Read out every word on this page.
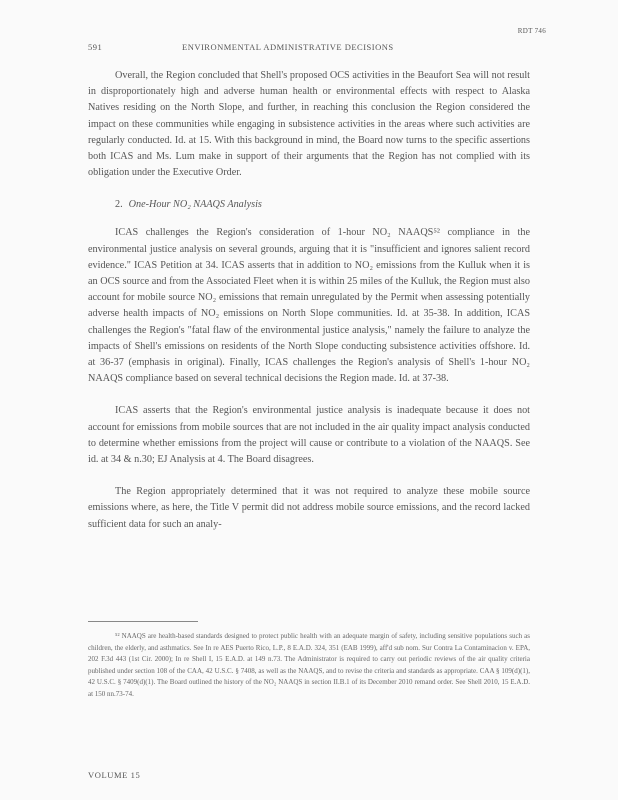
RDT 746
591	ENVIRONMENTAL ADMINISTRATIVE DECISIONS

Overall, the Region concluded that Shell's proposed OCS activities in the Beaufort Sea will not result in disproportionately high and adverse human health or environmental effects with respect to Alaska Natives residing on the North Slope, and further, in reaching this conclusion the Region considered the impact on these communities while engaging in subsistence activities in the areas where such activities are regularly conducted. Id. at 15. With this background in mind, the Board now turns to the specific assertions both ICAS and Ms. Lum make in support of their arguments that the Region has not complied with its obligation under the Executive Order.

2. One-Hour NO₂ NAAQS Analysis

ICAS challenges the Region's consideration of 1-hour NO₂ NAAQS⁵² compliance in the environmental justice analysis on several grounds, arguing that it is "insufficient and ignores salient record evidence." ICAS Petition at 34. ICAS asserts that in addition to NO₂ emissions from the Kulluk when it is an OCS source and from the Associated Fleet when it is within 25 miles of the Kulluk, the Region must also account for mobile source NO₂ emissions that remain unregulated by the Permit when assessing potentially adverse health impacts of NO₂ emissions on North Slope communities. Id. at 35-38. In addition, ICAS challenges the Region's "fatal flaw of the environmental justice analysis," namely the failure to analyze the impacts of Shell's emissions on residents of the North Slope conducting subsistence activities offshore. Id. at 36-37 (emphasis in original). Finally, ICAS challenges the Region's analysis of Shell's 1-hour NO₂ NAAQS compliance based on several technical decisions the Region made. Id. at 37-38.

ICAS asserts that the Region's environmental justice analysis is inadequate because it does not account for emissions from mobile sources that are not included in the air quality impact analysis conducted to determine whether emissions from the project will cause or contribute to a violation of the NAAQS. See id. at 34 & n.30; EJ Analysis at 4. The Board disagrees.

The Region appropriately determined that it was not required to analyze these mobile source emissions where, as here, the Title V permit did not address mobile source emissions, and the record lacked sufficient data for such an analy-

⁵² NAAQS are health-based standards designed to protect public health with an adequate margin of safety, including sensitive populations such as children, the elderly, and asthmatics. See In re AES Puerto Rico, L.P., 8 E.A.D. 324, 351 (EAB 1999), aff'd sub nom. Sur Contra La Contaminacion v. EPA, 202 F.3d 443 (1st Cir. 2000); In re Shell I, 15 E.A.D. at 149 n.73. The Administrator is required to carry out periodic reviews of the air quality criteria published under section 108 of the CAA, 42 U.S.C. § 7408, as well as the NAAQS, and to revise the criteria and standards as appropriate. CAA § 109(d)(1), 42 U.S.C. § 7409(d)(1). The Board outlined the history of the NO₂ NAAQS in section II.B.1 of its December 2010 remand order. See Shell 2010, 15 E.A.D. at 150 nn.73-74.
VOLUME 15
